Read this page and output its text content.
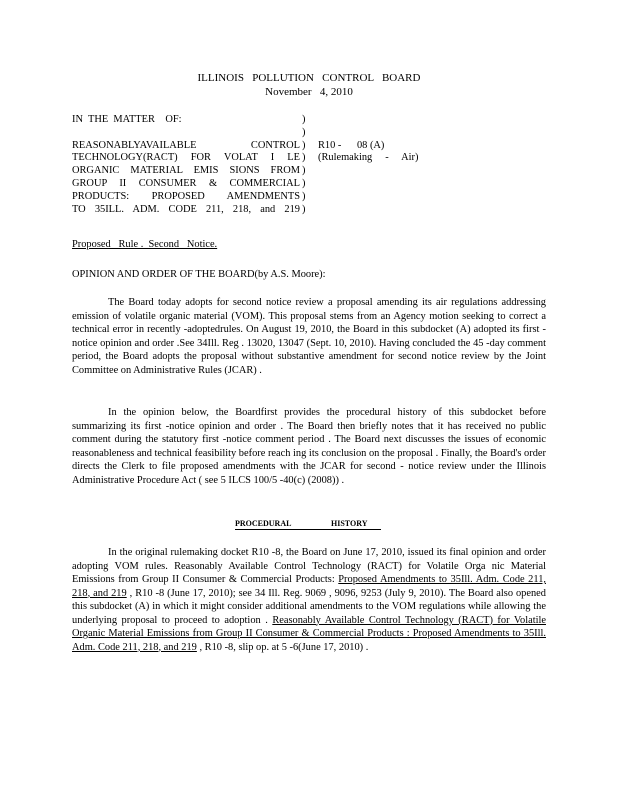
ILLINOIS   POLLUTION   CONTROL   BOARD
November   4, 2010
IN  THE  MATTER    OF:
REASONABLYAVAILABLE CONTROL
TECHNOLOGY(RACT) FOR VOLAT I LE
ORGANIC MATERIAL EMIS SIONS FROM
GROUP II CONSUMER & COMMERCIAL
PRODUCTS: PROPOSED AMENDMENTS
TO 35ILL. ADM. CODE 211, 218, and 219
)
)
)
)
)
)
)
)
R10 -      08 (A)
(Rulemaking     -     Air)
Proposed   Rule .  Second   Notice.
OPINION AND ORDER OF THE BOARD(by A.S. Moore):

The Board today adopts for second notice review a proposal amending its air regulations addressing emission of volatile organic material (VOM). This proposal stems from an Agency motion seeking to correct a technical error in recently -adoptedrules. On August 19, 2010, the Board in this subdocket (A) adopted its first -notice opinion and order .See 34Ill. Reg . 13020, 13047 (Sept. 10, 2010). Having concluded the 45 -day comment period, the Board adopts the proposal without substantive amendment for second notice review by the Joint Committee on Administrative Rules (JCAR) .

In the opinion below, the Boardfirst provides the procedural history of this subdocket before summarizing its first -notice opinion and order . The Board then briefly notes that it has received no public comment during the statutory first -notice comment period . The Board next discusses the issues of economic reasonableness and technical feasibility before reach ing its conclusion on the proposal . Finally, the Board's order directs the Clerk to file proposed amendments with the JCAR for second - notice review under the Illinois Administrative Procedure Act ( see 5 ILCS 100/5 -40(c) (2008)) .

PROCEDURAL HISTORY

In the original rulemaking docket R10 -8, the Board on June 17, 2010, issued its final opinion and order adopting VOM rules. Reasonably Available Control Technology (RACT) for Volatile Orga nic Material Emissions from Group II Consumer & Commercial Products: Proposed Amendments to 35Ill. Adm. Code 211, 218, and 219 , R10 -8 (June 17, 2010); see 34 Ill. Reg. 9069 , 9096, 9253 (July 9, 2010). The Board also opened this subdocket (A) in which it might consider additional amendments to the VOM regulations while allowing the underlying proposal to proceed to adoption . Reasonably Available Control Technology (RACT) for Volatile Organic Material Emissions from Group II Consumer & Commercial Products : Proposed Amendments to 35Ill. Adm. Code 211, 218, and 219 , R10 -8, slip op. at 5 -6(June 17, 2010) .
